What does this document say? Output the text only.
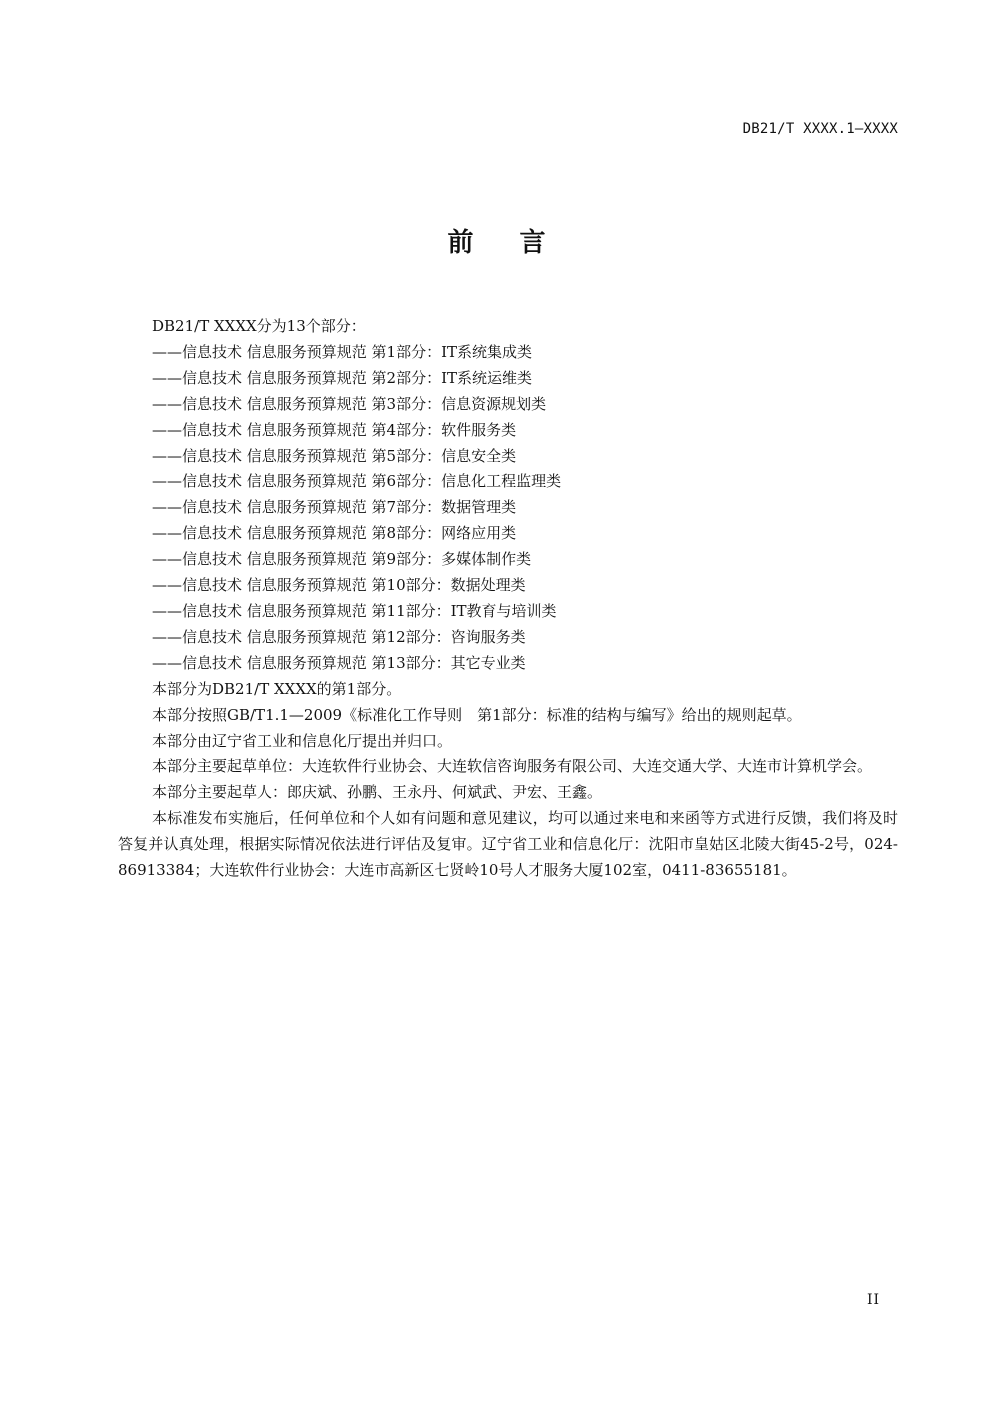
DB21/T XXXX.1—XXXX
前言

DB21/T XXXX分为13个部分：

——信息技术 信息服务预算规范 第1部分：IT系统集成类

——信息技术 信息服务预算规范 第2部分：IT系统运维类

——信息技术 信息服务预算规范 第3部分：信息资源规划类

——信息技术 信息服务预算规范 第4部分：软件服务类

——信息技术 信息服务预算规范 第5部分：信息安全类

——信息技术 信息服务预算规范 第6部分：信息化工程监理类

——信息技术 信息服务预算规范 第7部分：数据管理类

——信息技术 信息服务预算规范 第8部分：网络应用类

——信息技术 信息服务预算规范 第9部分：多媒体制作类

——信息技术 信息服务预算规范 第10部分：数据处理类

——信息技术 信息服务预算规范 第11部分：IT教育与培训类

——信息技术 信息服务预算规范 第12部分：咨询服务类

——信息技术 信息服务预算规范 第13部分：其它专业类

本部分为DB21/T XXXX的第1部分。

本部分按照GB/T1.1—2009《标准化工作导则　第1部分：标准的结构与编写》给出的规则起草。

本部分由辽宁省工业和信息化厅提出并归口。

本部分主要起草单位：大连软件行业协会、大连软信咨询服务有限公司、大连交通大学、大连市计算机学会。

本部分主要起草人：郎庆斌、孙鹏、王永丹、何斌武、尹宏、王鑫。

本标准发布实施后，任何单位和个人如有问题和意见建议，均可以通过来电和来函等方式进行反馈，我们将及时答复并认真处理，根据实际情况依法进行评估及复审。辽宁省工业和信息化厅：沈阳市皇姑区北陵大街45-2号，024-86913384；大连软件行业协会：大连市高新区七贤岭10号人才服务大厦102室，0411-83655181。

II
